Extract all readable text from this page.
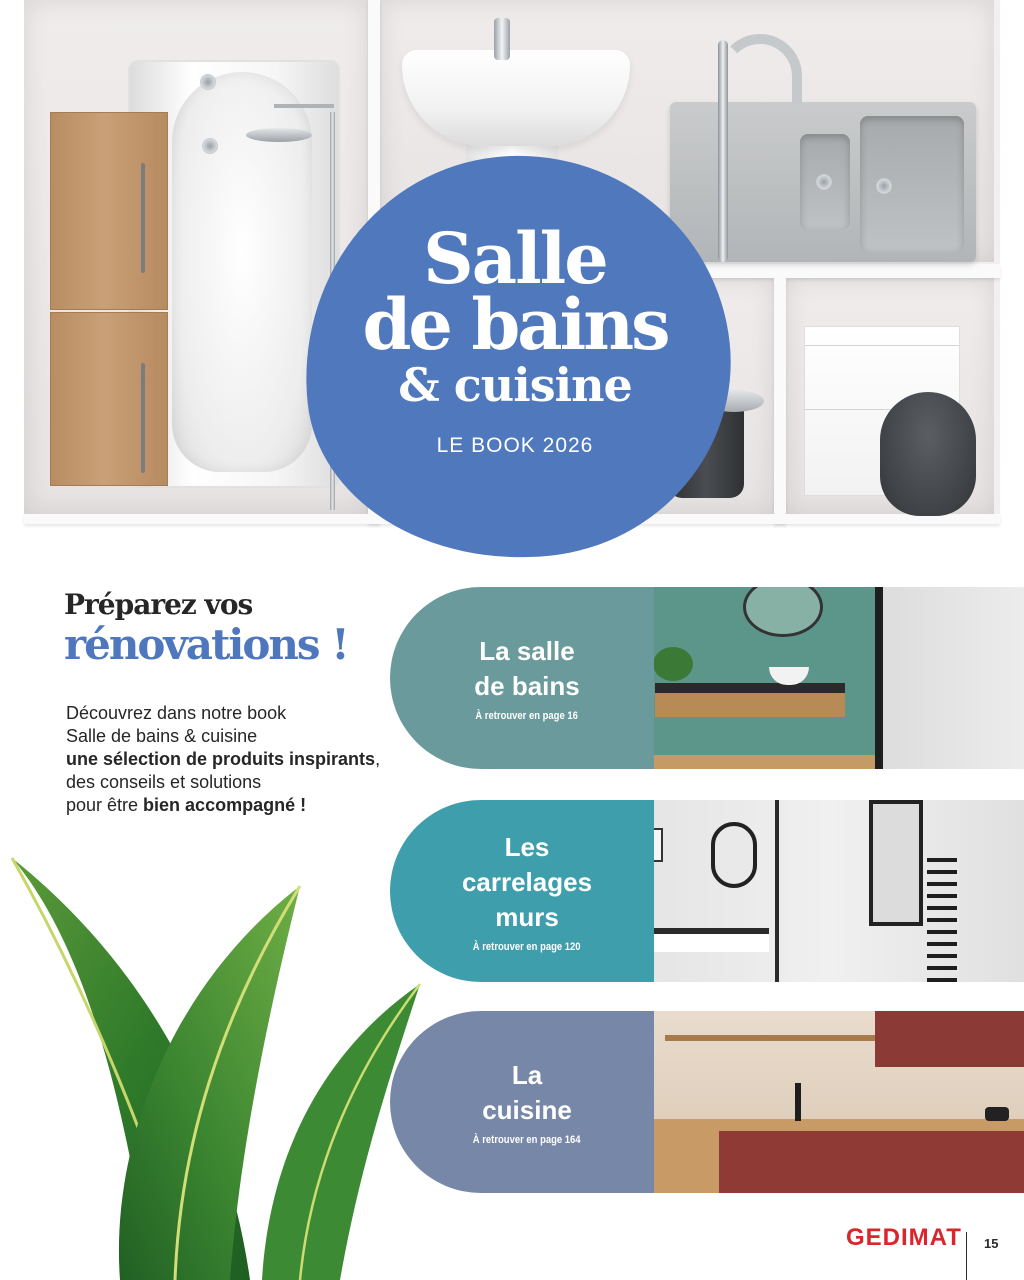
Salle
de bains
& cuisine
LE BOOK 2026
Préparez vos
rénovations !
Découvrez dans notre book
Salle de bains & cuisine
une sélection de produits inspirants,
des conseils et solutions
pour être bien accompagné !
La salle
de bains
À retrouver en page 16
Les
carrelages
murs
À retrouver en page 120
La
cuisine
À retrouver en page 164
GEDIMAT 15
